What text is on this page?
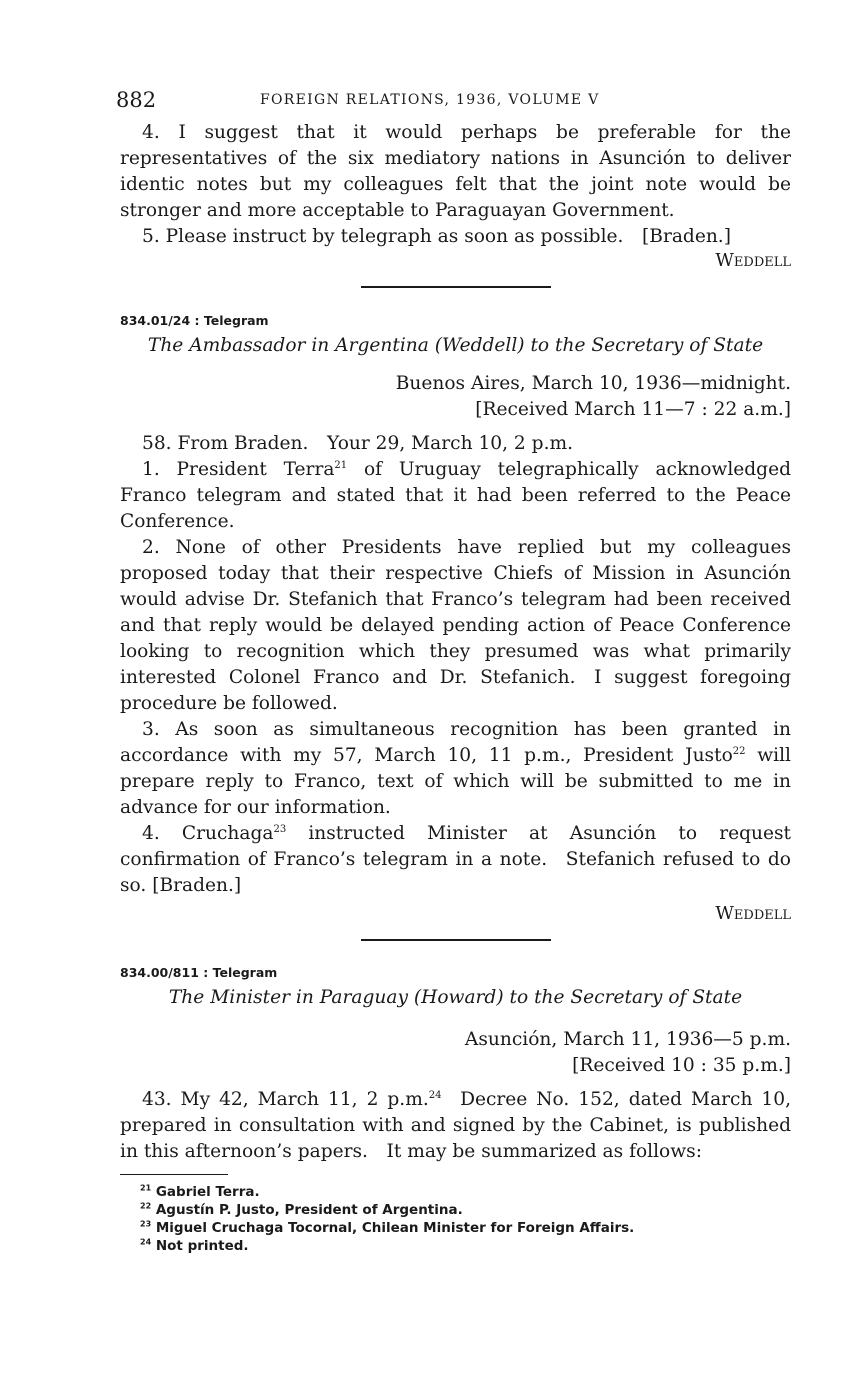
882	FOREIGN RELATIONS, 1936, VOLUME V

4. I suggest that it would perhaps be preferable for the representatives of the six mediatory nations in Asunción to deliver identic notes but my colleagues felt that the joint note would be stronger and more acceptable to Paraguayan Government.

5. Please instruct by telegraph as soon as possible. [Braden.]

Weddell
834.01/24 : Telegram
The Ambassador in Argentina (Weddell) to the Secretary of State
Buenos Aires, March 10, 1936—midnight.
[Received March 11—7 : 22 a.m.]

58. From Braden. Your 29, March 10, 2 p.m.

1. President Terra$^{21}$ of Uruguay telegraphically acknowledged Franco telegram and stated that it had been referred to the Peace Conference.

2. None of other Presidents have replied but my colleagues proposed today that their respective Chiefs of Mission in Asunción would advise Dr. Stefanich that Franco’s telegram had been received and that reply would be delayed pending action of Peace Conference looking to recognition which they presumed was what primarily interested Colonel Franco and Dr. Stefanich. I suggest foregoing procedure be followed.

3. As soon as simultaneous recognition has been granted in accordance with my 57, March 10, 11 p.m., President Justo$^{22}$ will prepare reply to Franco, text of which will be submitted to me in advance for our information.

4. Cruchaga$^{23}$ instructed Minister at Asunción to request confirmation of Franco’s telegram in a note. Stefanich refused to do so. [Braden.]

Weddell
834.00/811 : Telegram
The Minister in Paraguay (Howard) to the Secretary of State
Asunción, March 11, 1936—5 p.m.
[Received 10 : 35 p.m.]

43. My 42, March 11, 2 p.m.$^{24}$ Decree No. 152, dated March 10, prepared in consultation with and signed by the Cabinet, is published in this afternoon’s papers. It may be summarized as follows:

$^{21}$ Gabriel Terra.
$^{22}$ Agustín P. Justo, President of Argentina.
$^{23}$ Miguel Cruchaga Tocornal, Chilean Minister for Foreign Affairs.
$^{24}$ Not printed.
